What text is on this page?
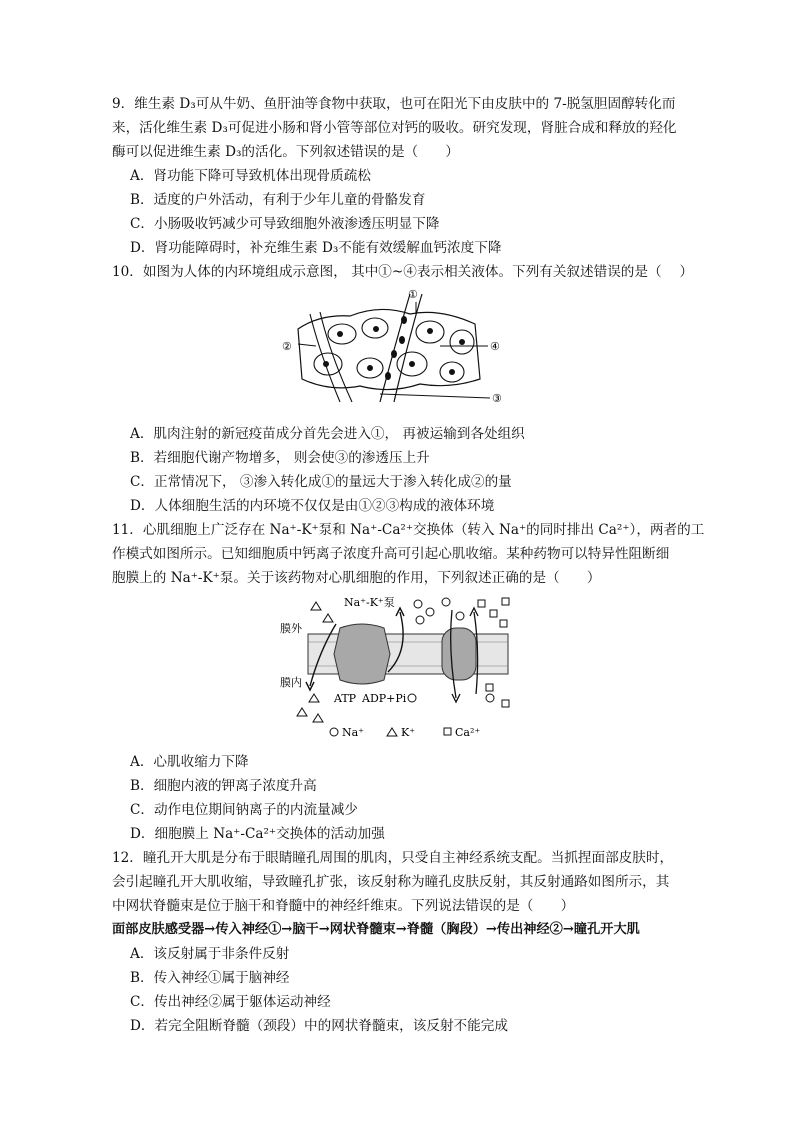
9．维生素 D₃可从牛奶、鱼肝油等食物中获取，也可在阳光下由皮肤中的 7-脱氢胆固醇转化而
来，活化维生素 D₃可促进小肠和肾小管等部位对钙的吸收。研究发现，肾脏合成和释放的羟化
酶可以促进维生素 D₃的活化。下列叙述错误的是（　　）
A．肾功能下降可导致机体出现骨质疏松
B．适度的户外活动，有利于少年儿童的骨骼发育
C．小肠吸收钙减少可导致细胞外液渗透压明显下降
D．肾功能障碍时，补充维生素 D₃不能有效缓解血钙浓度下降
10．如图为人体的内环境组成示意图， 其中①~④表示相关液体。下列有关叙述错误的是（　 ）
①
②
③
④
A．肌肉注射的新冠疫苗成分首先会进入①， 再被运输到各处组织
B．若细胞代谢产物增多， 则会使③的渗透压上升
C．正常情况下， ③渗入转化成①的量远大于渗入转化成②的量
D．人体细胞生活的内环境不仅仅是由①②③构成的液体环境
11．心肌细胞上广泛存在 Na⁺-K⁺泵和 Na⁺-Ca²⁺交换体（转入 Na⁺的同时排出 Ca²⁺），两者的工
作模式如图所示。已知细胞质中钙离子浓度升高可引起心肌收缩。某种药物可以特异性阻断细
胞膜上的 Na⁺-K⁺泵。关于该药物对心肌细胞的作用，下列叙述正确的是（　　）
膜外
膜内
Na⁺-K⁺泵
ATP ADP+Pi
Na⁺	K⁺	Ca²⁺
A．心肌收缩力下降
B．细胞内液的钾离子浓度升高
C．动作电位期间钠离子的内流量减少
D．细胞膜上 Na⁺-Ca²⁺交换体的活动加强
12．瞳孔开大肌是分布于眼睛瞳孔周围的肌肉，只受自主神经系统支配。当抓捏面部皮肤时，
会引起瞳孔开大肌收缩，导致瞳孔扩张，该反射称为瞳孔皮肤反射，其反射通路如图所示，其
中网状脊髓束是位于脑干和脊髓中的神经纤维束。下列说法错误的是（　　）
面部皮肤感受器→传入神经①→脑干→网状脊髓束→脊髓（胸段）→传出神经②→瞳孔开大肌
A．该反射属于非条件反射
B．传入神经①属于脑神经
C．传出神经②属于躯体运动神经
D．若完全阻断脊髓（颈段）中的网状脊髓束，该反射不能完成
